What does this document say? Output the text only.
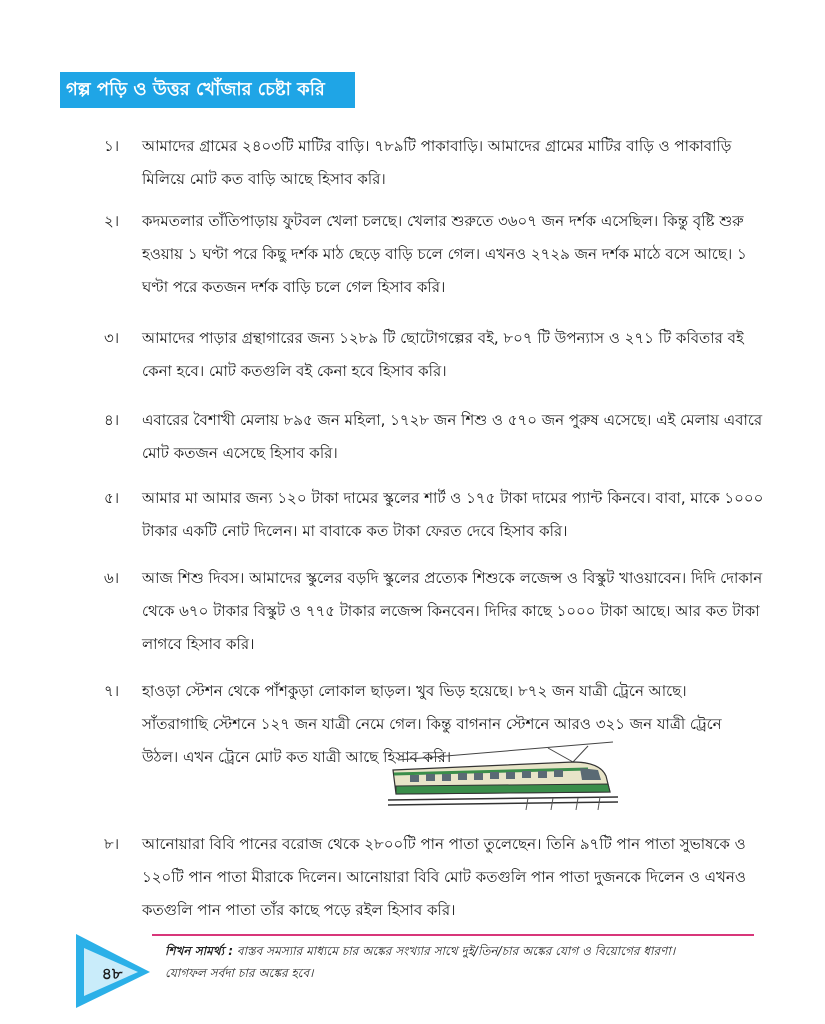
গল্প পড়ি ও উত্তর খোঁজার চেষ্টা করি
১। আমাদের গ্রামের ২৪০৩টি মাটির বাড়ি। ৭৮৯টি পাকাবাড়ি। আমাদের গ্রামের মাটির বাড়ি ও পাকাবাড়ি মিলিয়ে মোট কত বাড়ি আছে হিসাব করি।

২। কদমতলার তাঁতিপাড়ায় ফুটবল খেলা চলছে। খেলার শুরুতে ৩৬০৭ জন দর্শক এসেছিল। কিন্তু বৃষ্টি শুরু হওয়ায় ১ ঘণ্টা পরে কিছু দর্শক মাঠ ছেড়ে বাড়ি চলে গেল। এখনও ২৭২৯ জন দর্শক মাঠে বসে আছে। ১ ঘণ্টা পরে কতজন দর্শক বাড়ি চলে গেল হিসাব করি।

৩। আমাদের পাড়ার গ্রন্থাগারের জন্য ১২৮৯ টি ছোটোগল্পের বই, ৮০৭ টি উপন্যাস ও ২৭১ টি কবিতার বই কেনা হবে। মোট কতগুলি বই কেনা হবে হিসাব করি।

৪। এবারের বৈশাখী মেলায় ৮৯৫ জন মহিলা, ১৭২৮ জন শিশু ও ৫৭০ জন পুরুষ এসেছে। এই মেলায় এবারে মোট কতজন এসেছে হিসাব করি।

৫। আমার মা আমার জন্য ১২০ টাকা দামের স্কুলের শার্ট ও ১৭৫ টাকা দামের প্যান্ট কিনবে। বাবা, মাকে ১০০০ টাকার একটি নোট দিলেন। মা বাবাকে কত টাকা ফেরত দেবে হিসাব করি।

৬। আজ শিশু দিবস। আমাদের স্কুলের বড়দি স্কুলের প্রত্যেক শিশুকে লজেন্স ও বিস্কুট খাওয়াবেন। দিদি দোকান থেকে ৬৭০ টাকার বিস্কুট ও ৭৭৫ টাকার লজেন্স কিনবেন। দিদির কাছে ১০০০ টাকা আছে। আর কত টাকা লাগবে হিসাব করি।

৭। হাওড়া স্টেশন থেকে পাঁশকুড়া লোকাল ছাড়ল। খুব ভিড় হয়েছে। ৮৭২ জন যাত্রী ট্রেনে আছে। সাঁতরাগাছি স্টেশনে ১২৭ জন যাত্রী নেমে গেল। কিন্তু বাগনান স্টেশনে আরও ৩২১ জন যাত্রী ট্রেনে উঠল। এখন ট্রেনে মোট কত যাত্রী আছে হিসাব করি।

৮। আনোয়ারা বিবি পানের বরোজ থেকে ২৮০০টি পান পাতা তুলেছেন। তিনি ৯৭টি পান পাতা সুভাষকে ও ১২০টি পান পাতা মীরাকে দিলেন। আনোয়ারা বিবি মোট কতগুলি পান পাতা দুজনকে দিলেন ও এখনও কতগুলি পান পাতা তাঁর কাছে পড়ে রইল হিসাব করি।

৪৮
শিখন সামর্থ্য : বাস্তব সমস্যার মাধ্যমে চার অঙ্কের সংখ্যার সাথে দুই/তিন/চার অঙ্কের যোগ ও বিয়োগের ধারণা।
যোগফল সর্বদা চার অঙ্কের হবে।
